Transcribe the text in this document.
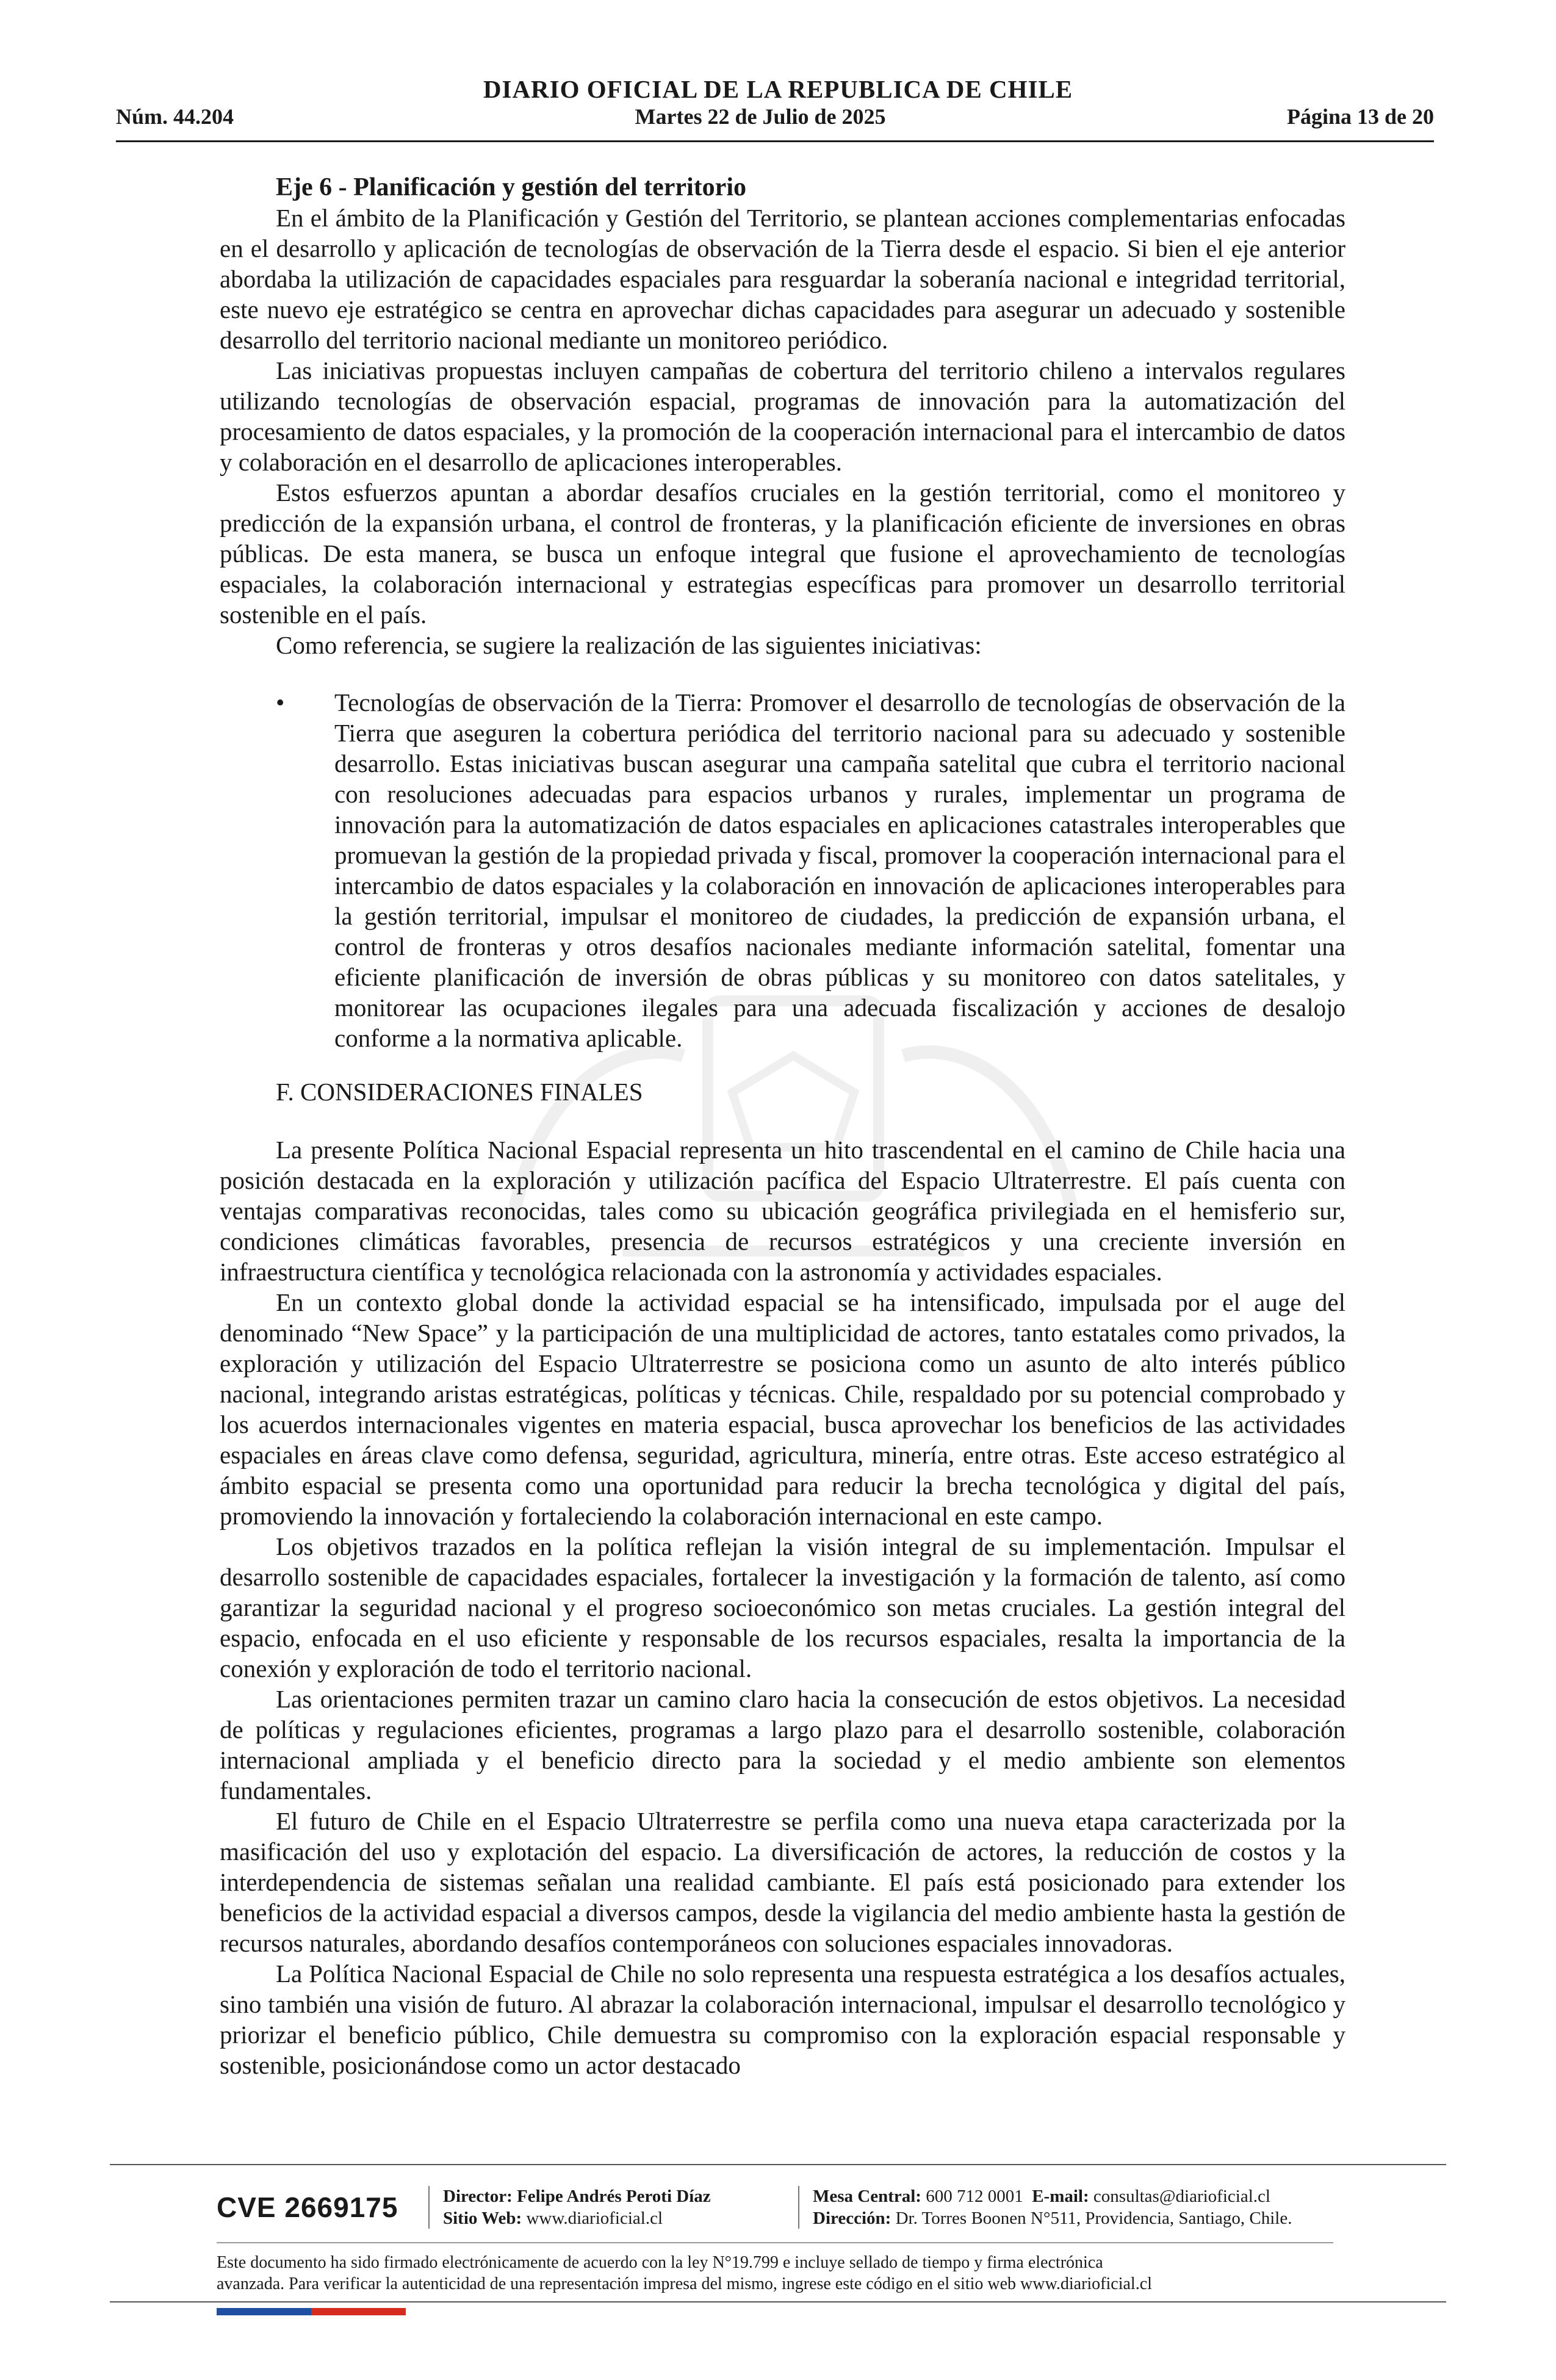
DIARIO OFICIAL DE LA REPUBLICA DE CHILE
Núm. 44.204	Martes 22 de Julio de 2025	Página 13 de 20

Eje 6 - Planificación y gestión del territorio

En el ámbito de la Planificación y Gestión del Territorio, se plantean acciones complementarias enfocadas en el desarrollo y aplicación de tecnologías de observación de la Tierra desde el espacio. Si bien el eje anterior abordaba la utilización de capacidades espaciales para resguardar la soberanía nacional e integridad territorial, este nuevo eje estratégico se centra en aprovechar dichas capacidades para asegurar un adecuado y sostenible desarrollo del territorio nacional mediante un monitoreo periódico.

Las iniciativas propuestas incluyen campañas de cobertura del territorio chileno a intervalos regulares utilizando tecnologías de observación espacial, programas de innovación para la automatización del procesamiento de datos espaciales, y la promoción de la cooperación internacional para el intercambio de datos y colaboración en el desarrollo de aplicaciones interoperables.

Estos esfuerzos apuntan a abordar desafíos cruciales en la gestión territorial, como el monitoreo y predicción de la expansión urbana, el control de fronteras, y la planificación eficiente de inversiones en obras públicas. De esta manera, se busca un enfoque integral que fusione el aprovechamiento de tecnologías espaciales, la colaboración internacional y estrategias específicas para promover un desarrollo territorial sostenible en el país.

Como referencia, se sugiere la realización de las siguientes iniciativas:

•	Tecnologías de observación de la Tierra: Promover el desarrollo de tecnologías de observación de la Tierra que aseguren la cobertura periódica del territorio nacional para su adecuado y sostenible desarrollo. Estas iniciativas buscan asegurar una campaña satelital que cubra el territorio nacional con resoluciones adecuadas para espacios urbanos y rurales, implementar un programa de innovación para la automatización de datos espaciales en aplicaciones catastrales interoperables que promuevan la gestión de la propiedad privada y fiscal, promover la cooperación internacional para el intercambio de datos espaciales y la colaboración en innovación de aplicaciones interoperables para la gestión territorial, impulsar el monitoreo de ciudades, la predicción de expansión urbana, el control de fronteras y otros desafíos nacionales mediante información satelital, fomentar una eficiente planificación de inversión de obras públicas y su monitoreo con datos satelitales, y monitorear las ocupaciones ilegales para una adecuada fiscalización y acciones de desalojo conforme a la normativa aplicable.

F. CONSIDERACIONES FINALES

La presente Política Nacional Espacial representa un hito trascendental en el camino de Chile hacia una posición destacada en la exploración y utilización pacífica del Espacio Ultraterrestre. El país cuenta con ventajas comparativas reconocidas, tales como su ubicación geográfica privilegiada en el hemisferio sur, condiciones climáticas favorables, presencia de recursos estratégicos y una creciente inversión en infraestructura científica y tecnológica relacionada con la astronomía y actividades espaciales.

En un contexto global donde la actividad espacial se ha intensificado, impulsada por el auge del denominado “New Space” y la participación de una multiplicidad de actores, tanto estatales como privados, la exploración y utilización del Espacio Ultraterrestre se posiciona como un asunto de alto interés público nacional, integrando aristas estratégicas, políticas y técnicas. Chile, respaldado por su potencial comprobado y los acuerdos internacionales vigentes en materia espacial, busca aprovechar los beneficios de las actividades espaciales en áreas clave como defensa, seguridad, agricultura, minería, entre otras. Este acceso estratégico al ámbito espacial se presenta como una oportunidad para reducir la brecha tecnológica y digital del país, promoviendo la innovación y fortaleciendo la colaboración internacional en este campo.

Los objetivos trazados en la política reflejan la visión integral de su implementación. Impulsar el desarrollo sostenible de capacidades espaciales, fortalecer la investigación y la formación de talento, así como garantizar la seguridad nacional y el progreso socioeconómico son metas cruciales. La gestión integral del espacio, enfocada en el uso eficiente y responsable de los recursos espaciales, resalta la importancia de la conexión y exploración de todo el territorio nacional.

Las orientaciones permiten trazar un camino claro hacia la consecución de estos objetivos. La necesidad de políticas y regulaciones eficientes, programas a largo plazo para el desarrollo sostenible, colaboración internacional ampliada y el beneficio directo para la sociedad y el medio ambiente son elementos fundamentales.

El futuro de Chile en el Espacio Ultraterrestre se perfila como una nueva etapa caracterizada por la masificación del uso y explotación del espacio. La diversificación de actores, la reducción de costos y la interdependencia de sistemas señalan una realidad cambiante. El país está posicionado para extender los beneficios de la actividad espacial a diversos campos, desde la vigilancia del medio ambiente hasta la gestión de recursos naturales, abordando desafíos contemporáneos con soluciones espaciales innovadoras.

La Política Nacional Espacial de Chile no solo representa una respuesta estratégica a los desafíos actuales, sino también una visión de futuro. Al abrazar la colaboración internacional, impulsar el desarrollo tecnológico y priorizar el beneficio público, Chile demuestra su compromiso con la exploración espacial responsable y sostenible, posicionándose como un actor destacado

CVE 2669175	Director: Felipe Andrés Peroti Díaz
Sitio Web: www.diarioficial.cl
Mesa Central: 600 712 0001 E-mail: consultas@diarioficial.cl
Dirección: Dr. Torres Boonen N°511, Providencia, Santiago, Chile.
Este documento ha sido firmado electrónicamente de acuerdo con la ley N°19.799 e incluye sellado de tiempo y firma electrónica
avanzada. Para verificar la autenticidad de una representación impresa del mismo, ingrese este código en el sitio web www.diarioficial.cl
